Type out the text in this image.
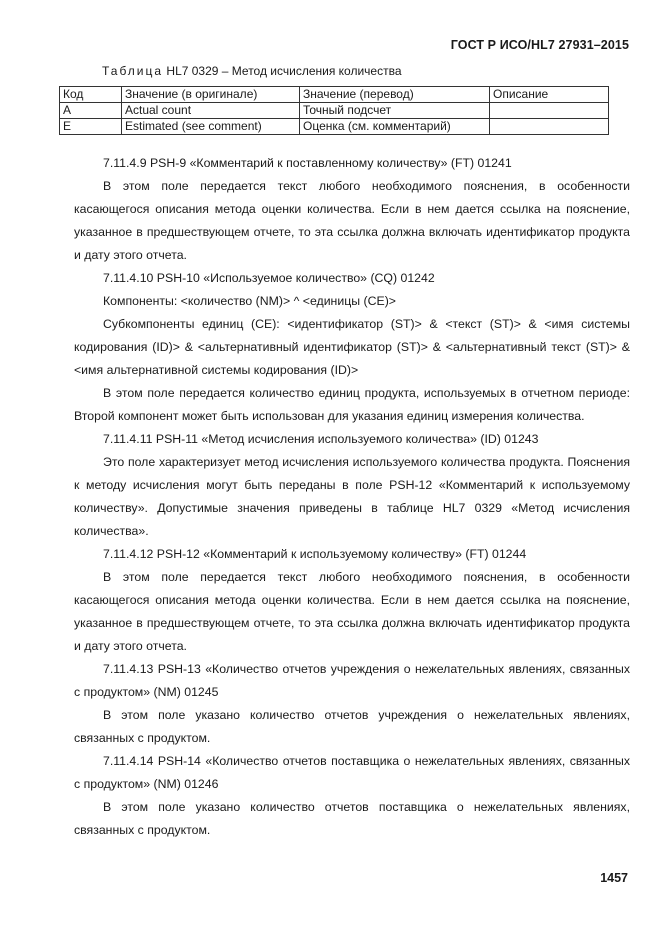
ГОСТ Р ИСО/HL7 27931–2015
Таблица HL7 0329 – Метод исчисления количества
Код	Значение (в оригинале)	Значение (перевод)	Описание
A	Actual count	Точный подсчет	
E	Estimated (see comment)	Оценка (см. комментарий)	

7.11.4.9 PSH-9 «Комментарий к поставленному количеству» (FT) 01241

В этом поле передается текст любого необходимого пояснения, в особенности касающегося описания метода оценки количества. Если в нем дается ссылка на пояснение, указанное в предшествующем отчете, то эта ссылка должна включать идентификатор продукта и дату этого отчета.

7.11.4.10 PSH-10 «Используемое количество» (CQ) 01242

Компоненты: <количество (NM)> ^ <единицы (CE)>

Субкомпоненты единиц (CE): <идентификатор (ST)> & <текст (ST)> & <имя системы кодирования (ID)> & <альтернативный идентификатор (ST)> & <альтернативный текст (ST)> & <имя альтернативной системы кодирования (ID)>

В этом поле передается количество единиц продукта, используемых в отчетном периоде: Второй компонент может быть использован для указания единиц измерения количества.

7.11.4.11 PSH-11 «Метод исчисления используемого количества» (ID) 01243

Это поле характеризует метод исчисления используемого количества продукта. Пояснения к методу исчисления могут быть переданы в поле PSH-12 «Комментарий к используемому количеству». Допустимые значения приведены в таблице HL7 0329 «Метод исчисления количества».

7.11.4.12 PSH-12 «Комментарий к используемому количеству» (FT) 01244

В этом поле передается текст любого необходимого пояснения, в особенности касающегося описания метода оценки количества. Если в нем дается ссылка на пояснение, указанное в предшествующем отчете, то эта ссылка должна включать идентификатор продукта и дату этого отчета.

7.11.4.13 PSH-13 «Количество отчетов учреждения о нежелательных явлениях, связанных с продуктом» (NM) 01245

В этом поле указано количество отчетов учреждения о нежелательных явлениях, связанных с продуктом.

7.11.4.14 PSH-14 «Количество отчетов поставщика о нежелательных явлениях, связанных с продуктом» (NM) 01246

В этом поле указано количество отчетов поставщика о нежелательных явлениях, связанных с продуктом.

1457
